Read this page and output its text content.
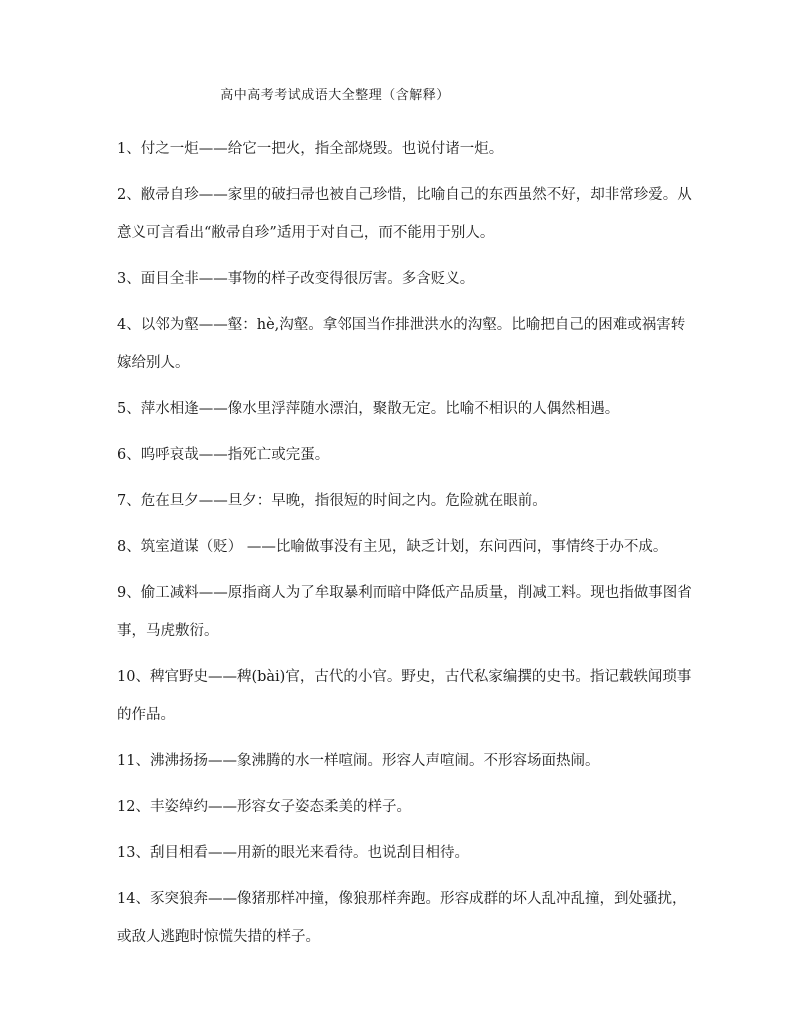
高中高考考试成语大全整理（含解释）

1、付之一炬——给它一把火，指全部烧毁。也说付诸一炬。

2、敝帚自珍——家里的破扫帚也被自己珍惜，比喻自己的东西虽然不好，却非常珍爱。从意义可言看出“敝帚自珍”适用于对自己，而不能用于别人。

3、面目全非——事物的样子改变得很厉害。多含贬义。

4、以邻为壑——壑：hè,沟壑。拿邻国当作排泄洪水的沟壑。比喻把自己的困难或祸害转嫁给别人。

5、萍水相逢——像水里浮萍随水漂泊，聚散无定。比喻不相识的人偶然相遇。

6、呜呼哀哉——指死亡或完蛋。

7、危在旦夕——旦夕：早晚，指很短的时间之内。危险就在眼前。

8、筑室道谋（贬） ——比喻做事没有主见，缺乏计划，东问西问，事情终于办不成。

9、偷工减料——原指商人为了牟取暴利而暗中降低产品质量，削减工料。现也指做事图省事，马虎敷衍。

10、稗官野史——稗(bài)官，古代的小官。野史，古代私家编撰的史书。指记载轶闻琐事的作品。

11、沸沸扬扬——象沸腾的水一样喧闹。形容人声喧闹。不形容场面热闹。

12、丰姿绰约——形容女子姿态柔美的样子。

13、刮目相看——用新的眼光来看待。也说刮目相待。

14、豕突狼奔——像猪那样冲撞，像狼那样奔跑。形容成群的坏人乱冲乱撞，到处骚扰，或敌人逃跑时惊慌失措的样子。
